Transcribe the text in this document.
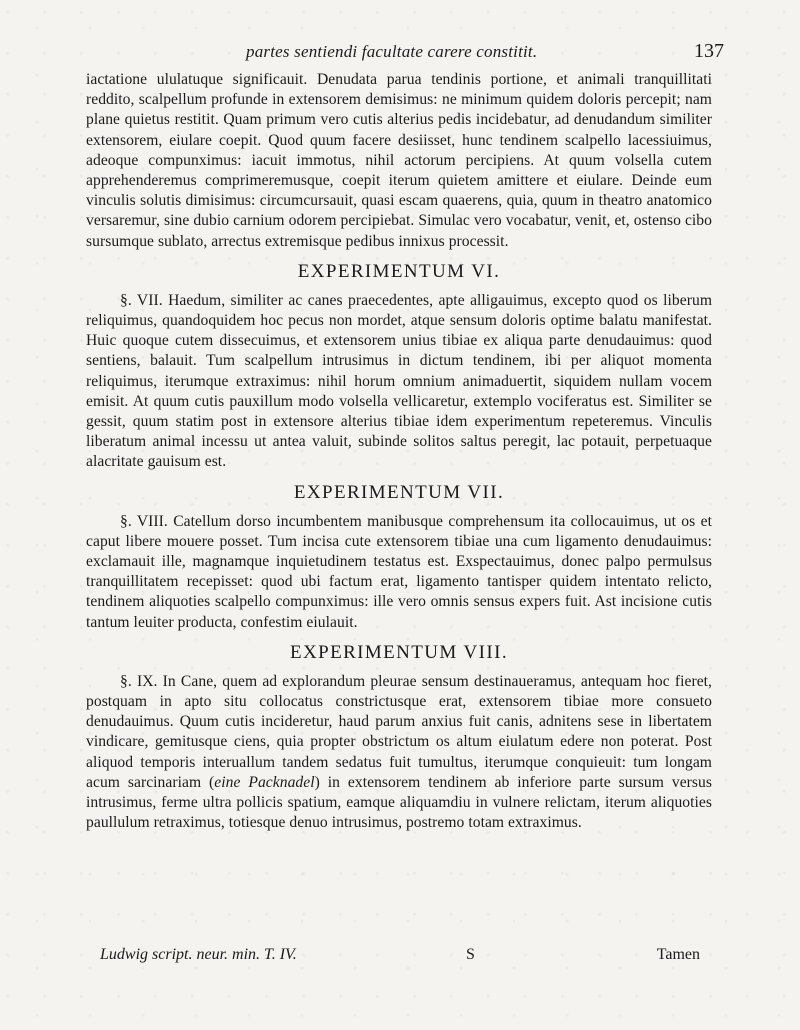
partes sentiendi facultate carere constitit.	137

iactatione ululatuque significauit. Denudata parua tendinis portione, et animali tranquillitati reddito, scalpellum profunde in extensorem demisimus: ne minimum quidem doloris percepit; nam plane quietus restitit. Quam primum vero cutis alterius pedis incidebatur, ad denudandum similiter extensorem, eiulare coepit. Quod quum facere desiisset, hunc tendinem scalpello lacessiuimus, adeoque compunximus: iacuit immotus, nihil actorum percipiens. At quum volsella cutem apprehenderemus comprimeremusque, coepit iterum quietem amittere et eiulare. Deinde eum vinculis solutis dimisimus: circumcursauit, quasi escam quaerens, quia, quum in theatro anatomico versaremur, sine dubio carnium odorem percipiebat. Simulac vero vocabatur, venit, et, ostenso cibo sursumque sublato, arrectus extremisque pedibus innixus processit.

EXPERIMENTUM VI.

§. VII. Haedum, similiter ac canes praecedentes, apte alligauimus, excepto quod os liberum reliquimus, quandoquidem hoc pecus non mordet, atque sensum doloris optime balatu manifestat. Huic quoque cutem dissecuimus, et extensorem unius tibiae ex aliqua parte denudauimus: quod sentiens, balauit. Tum scalpellum intrusimus in dictum tendinem, ibi per aliquot momenta reliquimus, iterumque extraximus: nihil horum omnium animaduertit, siquidem nullam vocem emisit. At quum cutis pauxillum modo volsella vellicaretur, extemplo vociferatus est. Similiter se gessit, quum statim post in extensore alterius tibiae idem experimentum repeteremus. Vinculis liberatum animal incessu ut antea valuit, subinde solitos saltus peregit, lac potauit, perpetuaque alacritate gauisum est.

EXPERIMENTUM VII.

§. VIII. Catellum dorso incumbentem manibusque comprehensum ita collocauimus, ut os et caput libere mouere posset. Tum incisa cute extensorem tibiae una cum ligamento denudauimus: exclamauit ille, magnamque inquietudinem testatus est. Exspectauimus, donec palpo permulsus tranquillitatem recepisset: quod ubi factum erat, ligamento tantisper quidem intentato relicto, tendinem aliquoties scalpello compunximus: ille vero omnis sensus expers fuit. Ast incisione cutis tantum leuiter producta, confestim eiulauit.

EXPERIMENTUM VIII.

§. IX. In Cane, quem ad explorandum pleurae sensum destinaueramus, antequam hoc fieret, postquam in apto situ collocatus constrictusque erat, extensorem tibiae more consueto denudauimus. Quum cutis incideretur, haud parum anxius fuit canis, adnitens sese in libertatem vindicare, gemitusque ciens, quia propter obstrictum os altum eiulatum edere non poterat. Post aliquod temporis interuallum tandem sedatus fuit tumultus, iterumque conquieuit: tum longam acum sarcinariam (eine Packnadel) in extensorem tendinem ab inferiore parte sursum versus intrusimus, ferme ultra pollicis spatium, eamque aliquamdiu in vulnere relictam, iterum aliquoties paullulum retraximus, totiesque denuo intrusimus, postremo totam extraximus.

Ludwig script. neur. min. T. IV.	S	Tamen
